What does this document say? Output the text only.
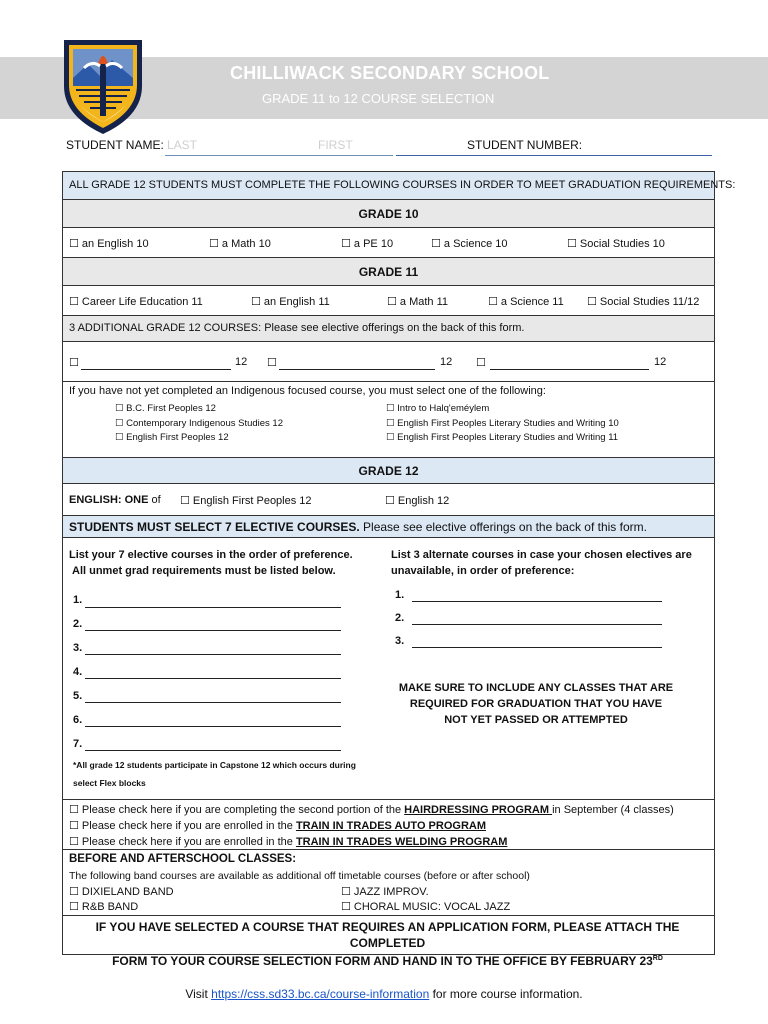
CHILLIWACK SECONDARY SCHOOL
GRADE 11 to 12 COURSE SELECTION
STUDENT NAME: LAST	FIRST	STUDENT NUMBER:
ALL GRADE 12 STUDENTS MUST COMPLETE THE FOLLOWING COURSES IN ORDER TO MEET GRADUATION REQUIREMENTS:
GRADE 10
☐ an English 10	☐ a Math 10	☐ a PE 10	☐ a Science 10	☐ Social Studies 10
GRADE 11
☐ Career Life Education 11	☐ an English 11	☐ a Math 11	☐ a Science 11 ☐ Social Studies 11/12
3 ADDITIONAL GRADE 12 COURSES: Please see elective offerings on the back of this form.
☐	12 ☐	12 ☐	12
If you have not yet completed an Indigenous focused course, you must select one of the following:
☐ B.C. First Peoples 12
☐ Contemporary Indigenous Studies 12
☐ English First Peoples 12
☐ Intro to Halq'eméylem
☐ English First Peoples Literary Studies and Writing 10
☐ English First Peoples Literary Studies and Writing 11
GRADE 12
ENGLISH: ONE of ☐ English First Peoples 12	☐ English 12
STUDENTS MUST SELECT 7 ELECTIVE COURSES. Please see elective offerings on the back of this form.
List your 7 elective courses in the order of preference.
All unmet grad requirements must be listed below.
1.
2.
3.
4.
5.
6.
7.
*All grade 12 students participate in Capstone 12 which occurs during
select Flex blocks
List 3 alternate courses in case your chosen electives are
unavailable, in order of preference:
1.
2.
3.
MAKE SURE TO INCLUDE ANY CLASSES THAT ARE
REQUIRED FOR GRADUATION THAT YOU HAVE
NOT YET PASSED OR ATTEMPTED
☐ Please check here if you are completing the second portion of the HAIRDRESSING PROGRAM in September (4 classes)
☐ Please check here if you are enrolled in the TRAIN IN TRADES AUTO PROGRAM
☐ Please check here if you are enrolled in the TRAIN IN TRADES WELDING PROGRAM
BEFORE AND AFTERSCHOOL CLASSES:
The following band courses are available as additional off timetable courses (before or after school)
☐ DIXIELAND BAND	☐ JAZZ IMPROV.
☐ R&B BAND	☐ CHORAL MUSIC: VOCAL JAZZ
IF YOU HAVE SELECTED A COURSE THAT REQUIRES AN APPLICATION FORM, PLEASE ATTACH THE COMPLETED
FORM TO YOUR COURSE SELECTION FORM AND HAND IN TO THE OFFICE BY FEBRUARY 23RD
Visit https://css.sd33.bc.ca/course-information for more course information.
